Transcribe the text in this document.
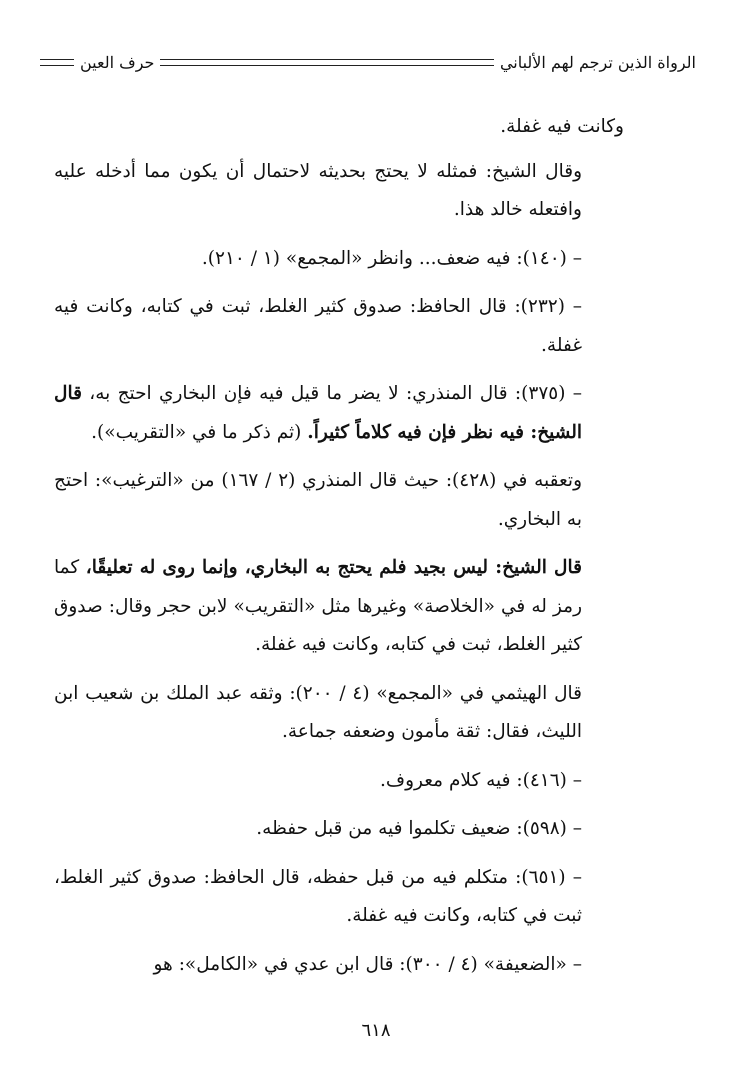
الرواة الذين ترجم لهم الألباني
حرف العين

وكانت فيه غفلة.

وقال الشيخ: فمثله لا يحتج بحديثه لاحتمال أن يكون مما أدخله عليه وافتعله خالد هذا.

– (١٤٠): فيه ضعف... وانظر «المجمع» (١ / ٢١٠).

– (٢٣٢): قال الحافظ: صدوق كثير الغلط، ثبت في كتابه، وكانت فيه غفلة.

– (٣٧٥): قال المنذري: لا يضر ما قيل فيه فإن البخاري احتج به، قال الشيخ: فيه نظر فإن فيه كلاماً كثيراً. (ثم ذكر ما في «التقريب»).

وتعقبه في (٤٢٨): حيث قال المنذري (٢ / ١٦٧) من «الترغيب»: احتج به البخاري.

قال الشيخ: ليس بجيد فلم يحتج به البخاري، وإنما روى له تعليقًا، كما رمز له في «الخلاصة» وغيرها مثل «التقريب» لابن حجر وقال: صدوق كثير الغلط، ثبت في كتابه، وكانت فيه غفلة.

قال الهيثمي في «المجمع» (٤ / ٢٠٠): وثقه عبد الملك بن شعيب ابن الليث، فقال: ثقة مأمون وضعفه جماعة.

– (٤١٦): فيه كلام معروف.

– (٥٩٨): ضعيف تكلموا فيه من قبل حفظه.

– (٦٥١): متكلم فيه من قبل حفظه، قال الحافظ: صدوق كثير الغلط، ثبت في كتابه، وكانت فيه غفلة.

– «الضعيفة» (٤ / ٣٠٠): قال ابن عدي في «الكامل»: هو

٦١٨
